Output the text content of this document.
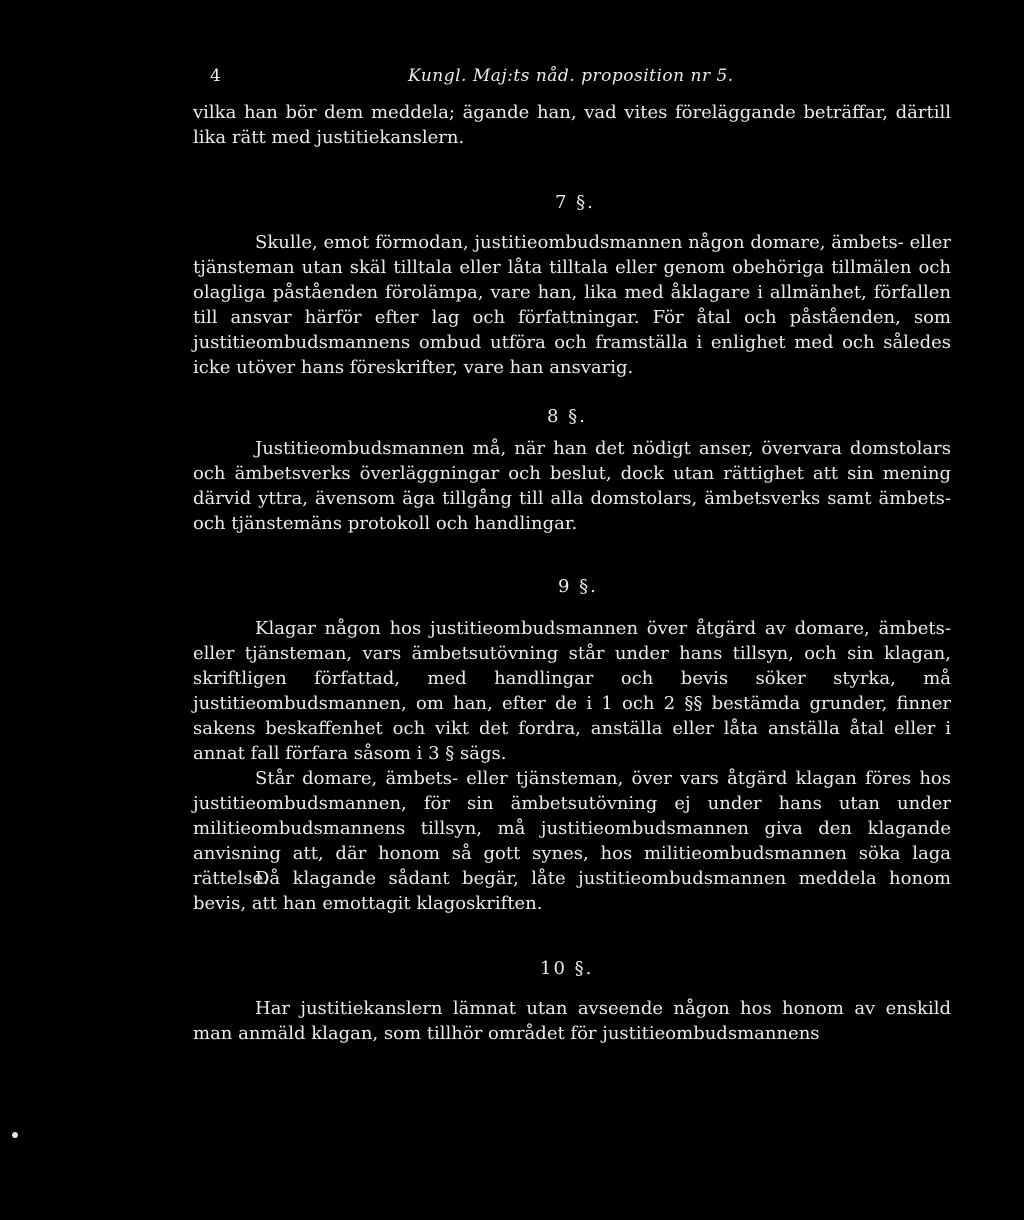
4	Kungl. Maj:ts nåd. proposition nr 5.

vilka han bör dem meddela; ägande han, vad vites föreläggande beträffar, därtill lika rätt med justitiekanslern.

7 §.

Skulle, emot förmodan, justitieombudsmannen någon domare, ämbets- eller tjänsteman utan skäl tilltala eller låta tilltala eller genom obehöriga tillmälen och olagliga påståenden förolämpa, vare han, lika med åklagare i allmänhet, förfallen till ansvar härför efter lag och författningar. För åtal och påståenden, som justitieombudsmannens ombud utföra och framställa i enlighet med och således icke utöver hans föreskrifter, vare han ansvarig.

8 §.

Justitieombudsmannen må, när han det nödigt anser, övervara domstolars och ämbetsverks överläggningar och beslut, dock utan rättighet att sin mening därvid yttra, ävensom äga tillgång till alla domstolars, ämbetsverks samt ämbets- och tjänstemäns protokoll och handlingar.

9 §.

Klagar någon hos justitieombudsmannen över åtgärd av domare, ämbets- eller tjänsteman, vars ämbetsutövning står under hans tillsyn, och sin klagan, skriftligen författad, med handlingar och bevis söker styrka, må justitieombudsmannen, om han, efter de i 1 och 2 §§ bestämda grunder, finner sakens beskaffenhet och vikt det fordra, anställa eller låta anställa åtal eller i annat fall förfara såsom i 3 § sägs.

Står domare, ämbets- eller tjänsteman, över vars åtgärd klagan föres hos justitieombudsmannen, för sin ämbetsutövning ej under hans utan under militieombudsmannens tillsyn, må justitieombudsmannen giva den klagande anvisning att, där honom så gott synes, hos militieombudsmannen söka laga rättelse.

Då klagande sådant begär, låte justitieombudsmannen meddela honom bevis, att han emottagit klagoskriften.

10 §.

Har justitiekanslern lämnat utan avseende någon hos honom av enskild man anmäld klagan, som tillhör området för justitieombudsmannens
